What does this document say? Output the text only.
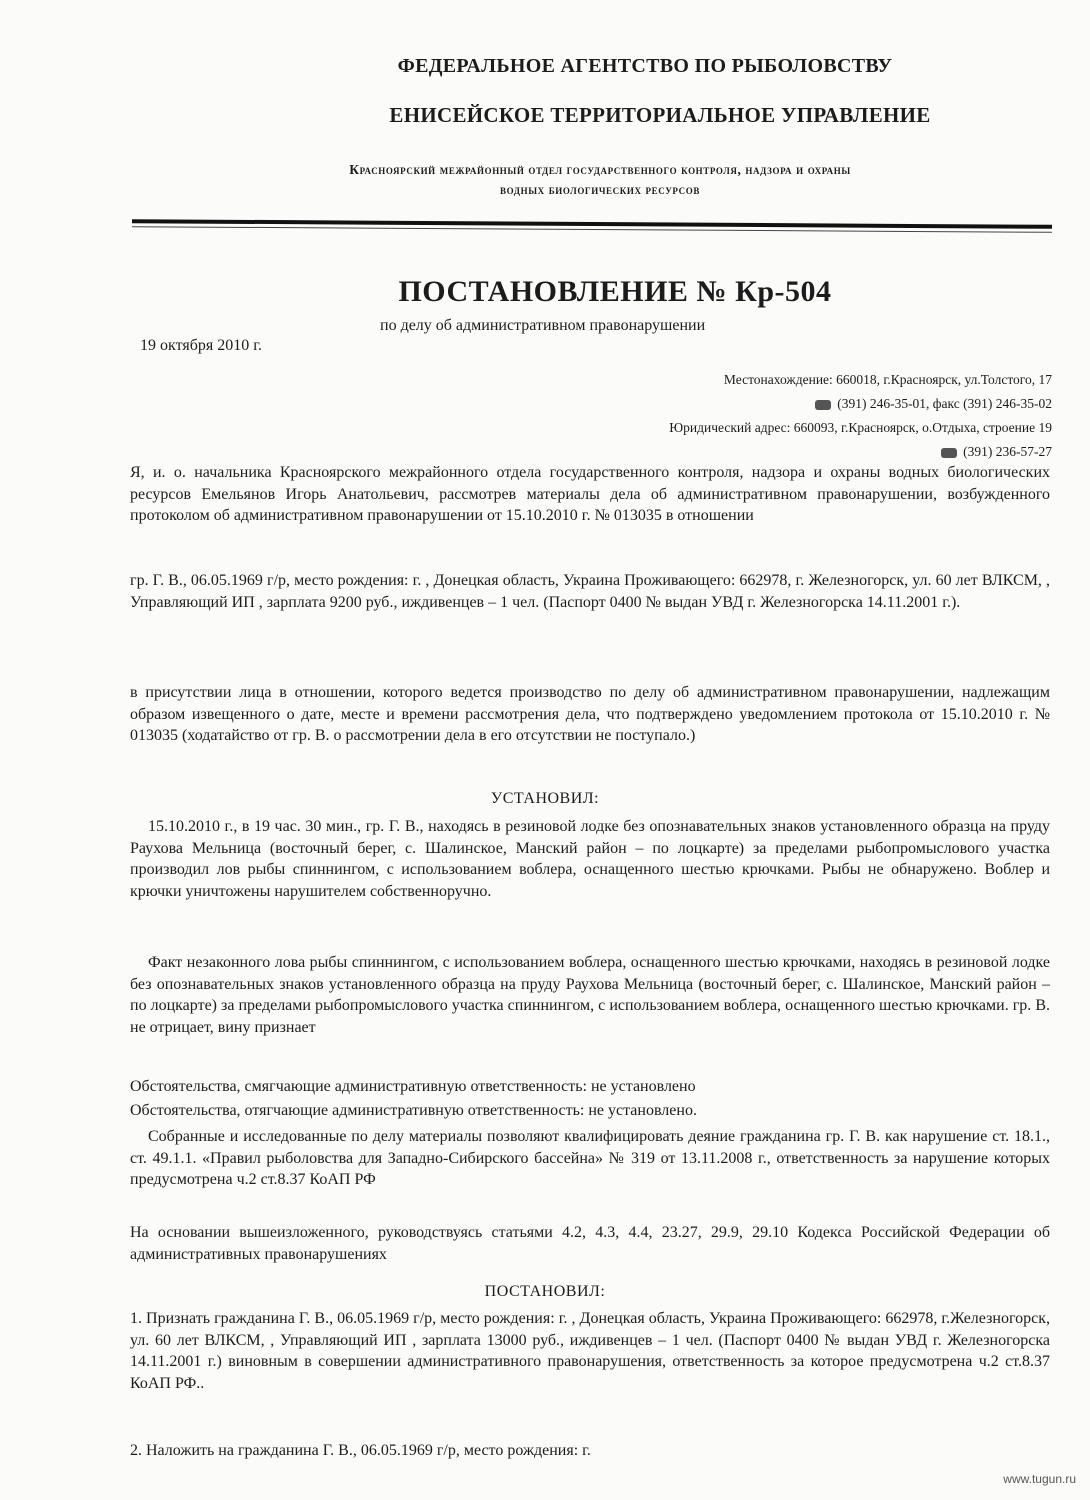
ФЕДЕРАЛЬНОЕ АГЕНТСТВО ПО РЫБОЛОВСТВУ
ЕНИСЕЙСКОЕ ТЕРРИТОРИАЛЬНОЕ УПРАВЛЕНИЕ
Красноярский межрайонный отдел государственного контроля, надзора и охраны
водных биологических ресурсов
ПОСТАНОВЛЕНИЕ № Кр-504
по делу об административном правонарушении
19 октября 2010 г.
Местонахождение: 660018, г.Красноярск, ул.Толстого, 17
(391) 246-35-01, факс (391) 246-35-02
Юридический адрес: 660093, г.Красноярск, о.Отдыха, строение 19
(391) 236-57-27
Я, и. о. начальника Красноярского межрайонного отдела государственного контроля, надзора и охраны водных биологических ресурсов Емельянов Игорь Анатольевич, рассмотрев материалы дела об административном правонарушении, возбужденного протоколом об административном правонарушении от 15.10.2010 г. № 013035 в отношении
гр. Г. В., 06.05.1969 г/р, место рождения: г. , Донецкая область, Украина Проживающего: 662978, г. Железногорск, ул. 60 лет ВЛКСМ, , Управляющий ИП , зарплата 9200 руб., иждивенцев – 1 чел. (Паспорт 0400 № выдан УВД г. Железногорска 14.11.2001 г.).
в присутствии лица в отношении, которого ведется производство по делу об административном правонарушении, надлежащим образом извещенного о дате, месте и времени рассмотрения дела, что подтверждено уведомлением протокола от 15.10.2010 г. № 013035 (ходатайство от гр. В. о рассмотрении дела в его отсутствии не поступало.)
УСТАНОВИЛ:
15.10.2010 г., в 19 час. 30 мин., гр. Г. В., находясь в резиновой лодке без опознавательных знаков установленного образца на пруду Раухова Мельница (восточный берег, с. Шалинское, Манский район – по лоцкарте) за пределами рыбопромыслового участка производил лов рыбы спиннингом, с использованием воблера, оснащенного шестью крючками. Рыбы не обнаружено. Воблер и крючки уничтожены нарушителем собственноручно.
Факт незаконного лова рыбы спиннингом, с использованием воблера, оснащенного шестью крючками, находясь в резиновой лодке без опознавательных знаков установленного образца на пруду Раухова Мельница (восточный берег, с. Шалинское, Манский район – по лоцкарте) за пределами рыбопромыслового участка спиннингом, с использованием воблера, оснащенного шестью крючками. гр. В. не отрицает, вину признает
Обстоятельства, смягчающие административную ответственность: не установлено
Обстоятельства, отягчающие административную ответственность: не установлено.
Собранные и исследованные по делу материалы позволяют квалифицировать деяние гражданина гр. Г. В. как нарушение ст. 18.1., ст. 49.1.1. «Правил рыболовства для Западно-Сибирского бассейна» № 319 от 13.11.2008 г., ответственность за нарушение которых предусмотрена ч.2 ст.8.37 КоАП РФ
На основании вышеизложенного, руководствуясь статьями 4.2, 4.3, 4.4, 23.27, 29.9, 29.10 Кодекса Российской Федерации об административных правонарушениях
ПОСТАНОВИЛ:
1. Признать гражданина Г. В., 06.05.1969 г/р, место рождения: г. , Донецкая область, Украина Проживающего: 662978, г.Железногорск, ул. 60 лет ВЛКСМ, , Управляющий ИП , зарплата 13000 руб., иждивенцев – 1 чел. (Паспорт 0400 № выдан УВД г. Железногорска 14.11.2001 г.) виновным в совершении административного правонарушения, ответственность за которое предусмотрена ч.2 ст.8.37 КоАП РФ..
2. Наложить на гражданина Г. В., 06.05.1969 г/р, место рождения: г.
www.tugun.ru
